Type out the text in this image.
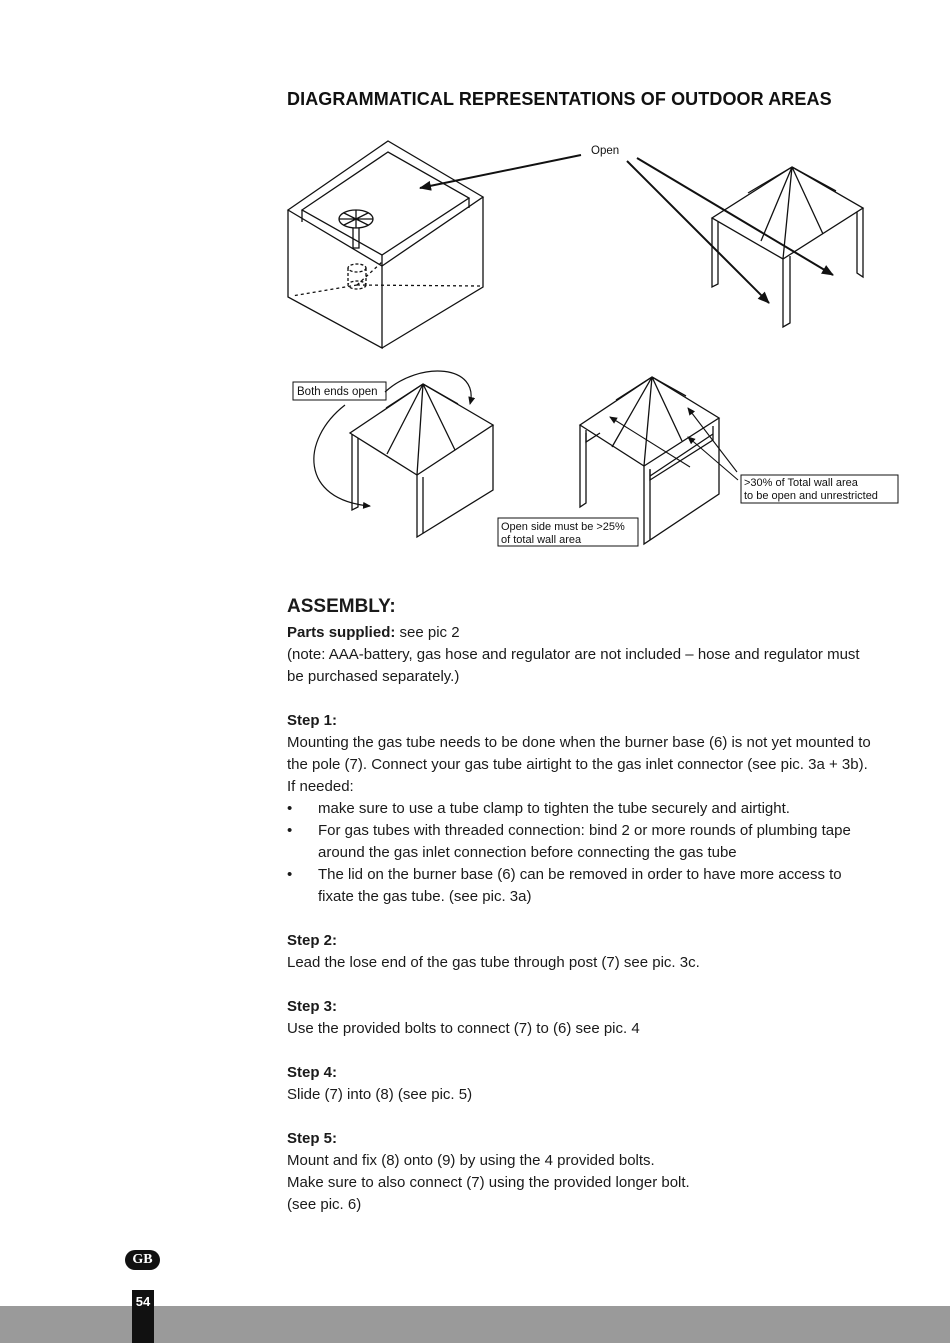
DIAGRAMMATICAL REPRESENTATIONS OF OUTDOOR AREAS
Open
Both ends open
>30% of Total wall area
to be open and unrestricted
Open side must be >25%
of total wall area
ASSEMBLY:
Parts supplied: see pic 2
(note: AAA-battery, gas hose and regulator are not included – hose and regulator must be purchased separately.)
Step 1:
Mounting the gas tube needs to be done when the burner base (6) is not yet mounted to the pole (7). Connect your gas tube airtight to the gas inlet connector (see pic. 3a + 3b). If needed:
• make sure to use a tube clamp to tighten the tube securely and airtight.
• For gas tubes with threaded connection: bind 2 or more rounds of plumbing tape around the gas inlet connection before connecting the gas tube
• The lid on the burner base (6) can be removed in order to have more access to fixate the gas tube. (see pic. 3a)
Step 2:
Lead the lose end of the gas tube through post (7) see pic. 3c.
Step 3:
Use the provided bolts to connect (7) to (6) see pic. 4
Step 4:
Slide (7) into (8) (see pic. 5)
Step 5:
Mount and fix (8) onto (9) by using the 4 provided bolts.
Make sure to also connect (7) using the provided longer bolt.
(see pic. 6)
GB
54
